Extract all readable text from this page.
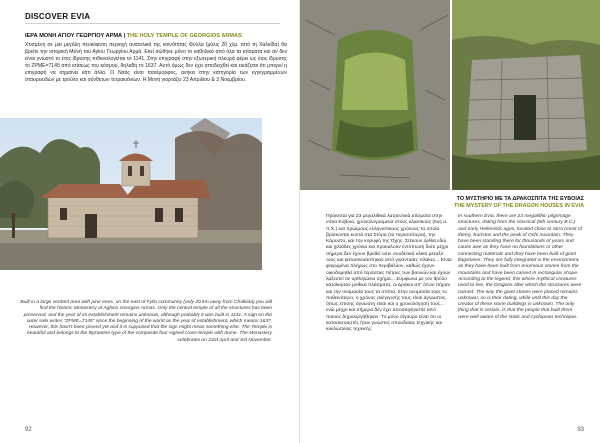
DISCOVER EVIA
ΙΕΡΑ ΜΟΝΗ ΑΓΙΟΥ ΓΕΩΡΓΙΟΥ ΑΡΜΑ | THE HOLY TEMPLE OF GEORGIOS ARMAS
Χτισμένη σε μια μεγάλη πευκόφυτη περιοχή ανατολικά της κοινότητας Φύλλα (μόλις 20 χλμ. από τη Χαλκίδα) θα βρείτε την ιστορική Μονή του Αγίου Γεωργίου Αρμά. Εκεί σώθηκε μόνο το καθολικό από όλα τα κτίσματα και αν δεν είναι γνωστό το έτος ίδρυσης πιθανολογείται το 1141. Στην επιγραφή στην εξωτερική πλευρά φέρει ως έτος ίδρυσης το ΖΡΜΕ=7145 από κτίσεως του κόσμου, δηλαδή το 1637. Αυτό όμως δεν έχει αποδειχθεί και εικάζεται ότι μπορεί η επιγραφή να σημαίνει κάτι άλλο. Ο Ναός είναι πανέμορφος, ανήκει στην κατηγορία των εγγεγραμμένων σταυροειδών με τρούλο και σύνθετων τετρακιόνιων. Η Μονή γιορτάζει 23 Απριλίου & 3 Νοεμβρίου.
Built in a large verdant area with pine trees, on the east of Fylla community (only 20 km away from Chalkida) you will find the historic Monastery of Aghios Georgios Armas. Only the central temple of all the structures has been preserved, and the year of its establishment remains unknown, although probably it was built in 1141. A sign on the outer side writes "ZPME=7145" since the beginning of the world as the year of establishment, which means 1637. However, this hasn't been proved yet and it is supposed that the sign might mean something else. The Temple is beautiful and belongs to the Byzantine type of the composite four-signed cross-temple with dome. The Monastery celebrates on 23rd April and 3rd November.
92
ΤΟ ΜΥΣΤΗΡΙΟ ΜΕ ΤΑ ΔΡΑΚΟΣΠΙΤΑ ΤΗΣ ΕΥΒΟΙΑΣ
THE MYSTERY OF THE DRAGON HOUSES IN EVIA
Πρόκειται για 23 μεγαλιθικά λατρευτικά κτίσματα στην νότια Εύβοια, χρονολογούμενα στους κλασικούς (6ος α. π.Χ.) και πρώιμους ελληνιστικούς χρόνους τα οποία βρίσκονται κοντά στα Στύρα (τα περισσότερα), την Κάρυστο, και την κορυφή της Όχης. Στέκουν όρθια εδώ και χιλιάδες χρόνια και προκαλούν εντύπωση διότι μέχρι σήμερα δεν έχουν βρεθεί ούτε συνδετικά υλικά μεταξύ τους και κατασκευάστηκαν από γιγαντιαίες πλάκες... Είναι φαγωμένα πλήρως στο περιβάλλον, καθώς έχουν οικοδομηθεί από τεράστιες πέτρες των βουνών και έχουν λαξευτεί σε ορθογώνιο σχήμα... Σύμφωνα με τον θρύλο κατοίκησαν μυθικά πλάσματα, οι Δράκοι απ' όπου πήραν και την ονομασία τους τα σπίτια. Στην ονομασία τους το ποθεινότερο, ο χρόνος ανέγερσής τους είναι άγνωστος, όπως επίσης άγνωστη είναι και η χρονολόγησή τους... ενώ μέχρι και σήμερα δεν έχει αποσαφηνιστεί από ποιους δημιουργήθηκαν. Το μόνο σίγουρο είναι ότι οι κατασκευαστές ήταν γνώστες σπουδαίας τεχνικής και κυκλώπειας τεχνικής.
In southern Evia, there are 23 megalithic pilgrimage structures, dating from the classical (6th century B.C.) and early Hellenistic ages, located close to Stira (most of them), Karistos and the peak of Ochi mountain. They have been standing there for thousands of years and cause awe as they have no foundations or other connecting materials and they have been built of giant flagstones. They are fully integrated in the environment, as they have been built from enormous stones from the mountains and have been carved in rectangular shape. According to the legend, this where mythical creatures used to live, the Dragons after which the structures were named. The way the giant stones were placed remains unknown, so is their dating, while until this day the creator of these stone buildings is unknown. The only thing that is certain, is that the people that built them were well aware of the static and cyclopean technique.
93
